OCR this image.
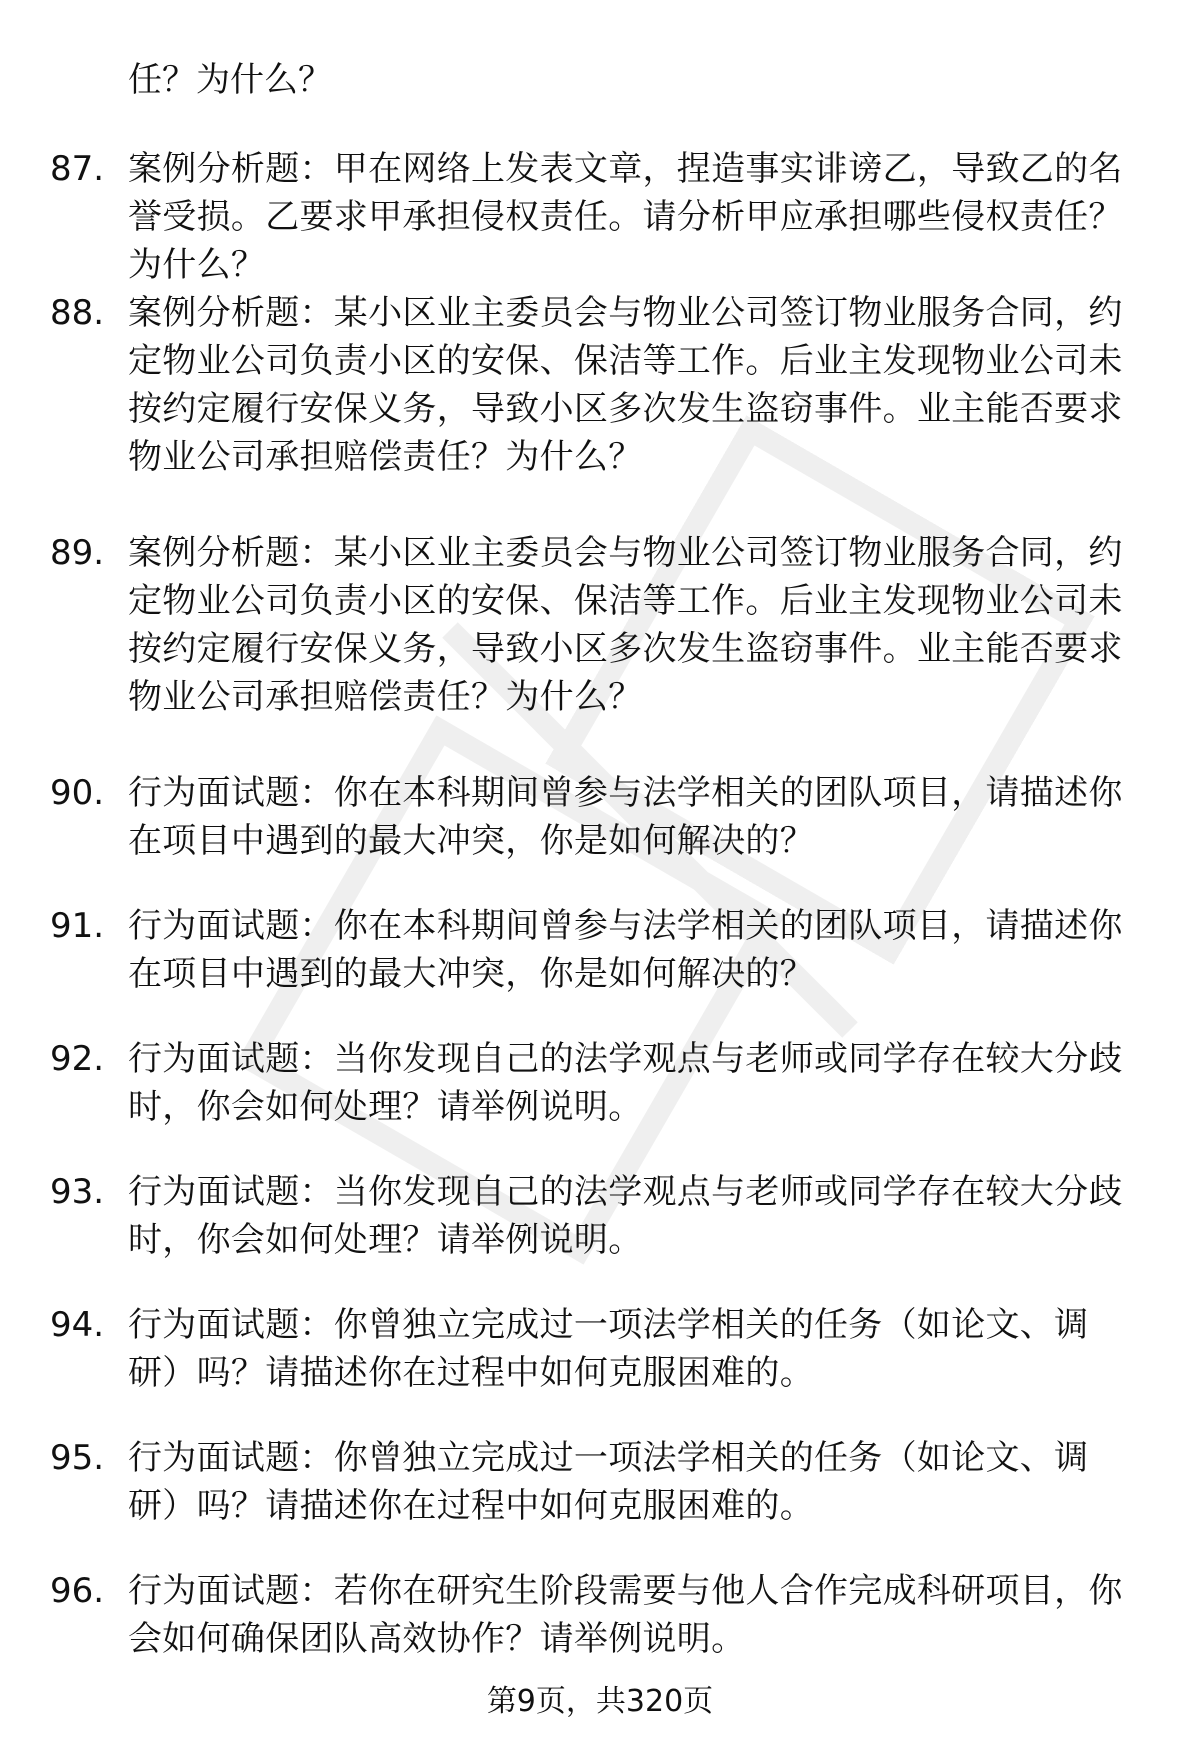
任？为什么？
87. 案例分析题：甲在网络上发表文章，捏造事实诽谤乙，导致乙的名誉受损。乙要求甲承担侵权责任。请分析甲应承担哪些侵权责任？为什么？
88. 案例分析题：某小区业主委员会与物业公司签订物业服务合同，约定物业公司负责小区的安保、保洁等工作。后业主发现物业公司未按约定履行安保义务，导致小区多次发生盗窃事件。业主能否要求物业公司承担赔偿责任？为什么？
89. 案例分析题：某小区业主委员会与物业公司签订物业服务合同，约定物业公司负责小区的安保、保洁等工作。后业主发现物业公司未按约定履行安保义务，导致小区多次发生盗窃事件。业主能否要求物业公司承担赔偿责任？为什么？
90. 行为面试题：你在本科期间曾参与法学相关的团队项目，请描述你在项目中遇到的最大冲突，你是如何解决的？
91. 行为面试题：你在本科期间曾参与法学相关的团队项目，请描述你在项目中遇到的最大冲突，你是如何解决的？
92. 行为面试题：当你发现自己的法学观点与老师或同学存在较大分歧时，你会如何处理？请举例说明。
93. 行为面试题：当你发现自己的法学观点与老师或同学存在较大分歧时，你会如何处理？请举例说明。
94. 行为面试题：你曾独立完成过一项法学相关的任务（如论文、调研）吗？请描述你在过程中如何克服困难的。
95. 行为面试题：你曾独立完成过一项法学相关的任务（如论文、调研）吗？请描述你在过程中如何克服困难的。
96. 行为面试题：若你在研究生阶段需要与他人合作完成科研项目，你会如何确保团队高效协作？请举例说明。
第9页，共320页
